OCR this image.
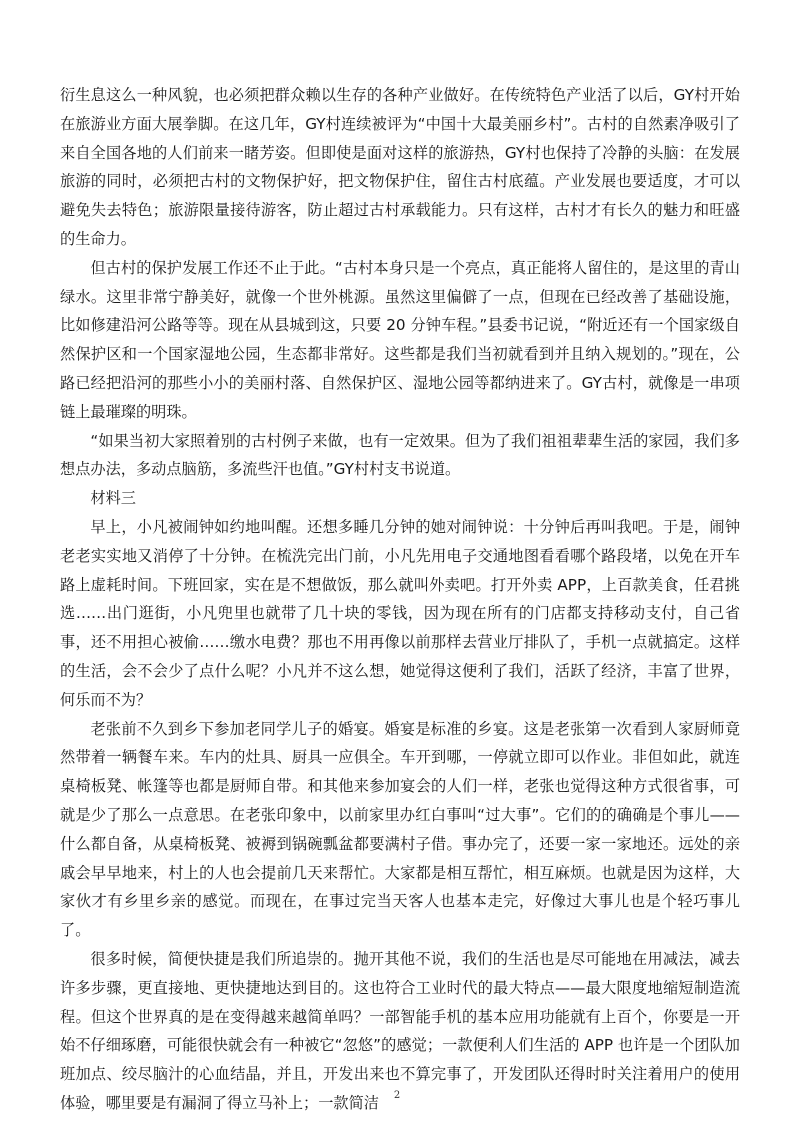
衍生息这么一种风貌，也必须把群众赖以生存的各种产业做好。在传统特色产业活了以后，GY村开始在旅游业方面大展拳脚。在这几年，GY村连续被评为“中国十大最美丽乡村”。古村的自然素净吸引了来自全国各地的人们前来一睹芳姿。但即使是面对这样的旅游热，GY村也保持了冷静的头脑：在发展旅游的同时，必须把古村的文物保护好，把文物保护住，留住古村底蕴。产业发展也要适度，才可以避免失去特色；旅游限量接待游客，防止超过古村承载能力。只有这样，古村才有长久的魅力和旺盛的生命力。

但古村的保护发展工作还不止于此。“古村本身只是一个亮点，真正能将人留住的，是这里的青山绿水。这里非常宁静美好，就像一个世外桃源。虽然这里偏僻了一点，但现在已经改善了基础设施，比如修建沿河公路等等。现在从县城到这，只要 20 分钟车程。”县委书记说，“附近还有一个国家级自然保护区和一个国家湿地公园，生态都非常好。这些都是我们当初就看到并且纳入规划的。”现在，公路已经把沿河的那些小小的美丽村落、自然保护区、湿地公园等都纳进来了。GY古村，就像是一串项链上最璀璨的明珠。

“如果当初大家照着别的古村例子来做，也有一定效果。但为了我们祖祖辈辈生活的家园，我们多想点办法，多动点脑筋，多流些汗也值。”GY村村支书说道。

材料三

早上，小凡被闹钟如约地叫醒。还想多睡几分钟的她对闹钟说：十分钟后再叫我吧。于是，闹钟老老实实地又消停了十分钟。在梳洗完出门前，小凡先用电子交通地图看看哪个路段堵，以免在开车路上虚耗时间。下班回家，实在是不想做饭，那么就叫外卖吧。打开外卖 APP，上百款美食，任君挑选……出门逛街，小凡兜里也就带了几十块的零钱，因为现在所有的门店都支持移动支付，自己省事，还不用担心被偷……缴水电费？那也不用再像以前那样去营业厅排队了，手机一点就搞定。这样的生活，会不会少了点什么呢？小凡并不这么想，她觉得这便利了我们，活跃了经济，丰富了世界，何乐而不为？

老张前不久到乡下参加老同学儿子的婚宴。婚宴是标准的乡宴。这是老张第一次看到人家厨师竟然带着一辆餐车来。车内的灶具、厨具一应俱全。车开到哪，一停就立即可以作业。非但如此，就连桌椅板凳、帐篷等也都是厨师自带。和其他来参加宴会的人们一样，老张也觉得这种方式很省事，可就是少了那么一点意思。在老张印象中，以前家里办红白事叫“过大事”。它们的的确确是个事儿——什么都自备，从桌椅板凳、被褥到锅碗瓢盆都要满村子借。事办完了，还要一家一家地还。远处的亲戚会早早地来，村上的人也会提前几天来帮忙。大家都是相互帮忙，相互麻烦。也就是因为这样，大家伙才有乡里乡亲的感觉。而现在，在事过完当天客人也基本走完，好像过大事儿也是个轻巧事儿了。

很多时候，简便快捷是我们所追崇的。抛开其他不说，我们的生活也是尽可能地在用减法，减去许多步骤，更直接地、更快捷地达到目的。这也符合工业时代的最大特点——最大限度地缩短制造流程。但这个世界真的是在变得越来越简单吗？一部智能手机的基本应用功能就有上百个，你要是一开始不仔细琢磨，可能很快就会有一种被它“忽悠”的感觉；一款便利人们生活的 APP 也许是一个团队加班加点、绞尽脑汁的心血结晶，并且，开发出来也不算完事了，开发团队还得时时关注着用户的使用体验，哪里要是有漏洞了得立马补上；一款简洁	2
